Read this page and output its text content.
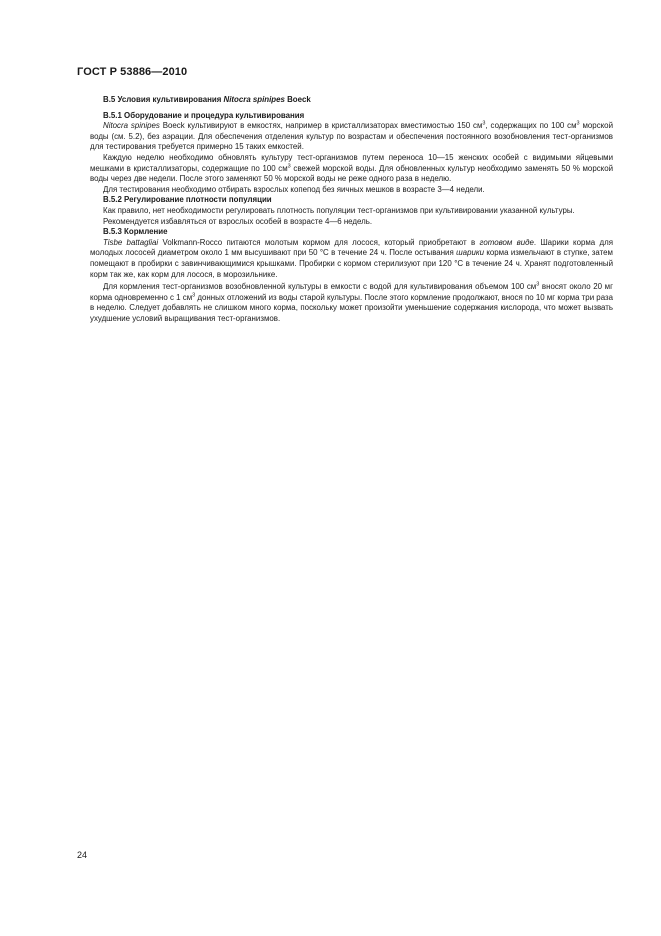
ГОСТ Р 53886—2010
В.5 Условия культивирования Nitocra spinipes Boeck
В.5.1 Оборудование и процедура культивирования
Nitocra spinipes Boeck культивируют в емкостях, например в кристаллизаторах вместимостью 150 $см^3$, содержащих по 100 $см^3$ морской воды (см. 5.2), без аэрации. Для обеспечения отделения культур по возрастам и обеспечения постоянного возобновления тест-организмов для тестирования требуется примерно 15 таких емкостей.
Каждую неделю необходимо обновлять культуру тест-организмов путем переноса 10—15 женских особей с видимыми яйцевыми мешками в кристаллизаторы, содержащие по 100 $см^3$ свежей морской воды. Для обновленных культур необходимо заменять 50 % морской воды через две недели. После этого заменяют 50 % морской воды не реже одного раза в неделю.
Для тестирования необходимо отбирать взрослых копепод без яичных мешков в возрасте 3—4 недели.
В.5.2 Регулирование плотности популяции
Как правило, нет необходимости регулировать плотность популяции тест-организмов при культивировании указанной культуры.
Рекомендуется избавляться от взрослых особей в возрасте 4—6 недель.
В.5.3 Кормление
Tisbe battagliai Volkmann-Rocco питаются молотым кормом для лосося, который приобретают в готовом виде. Шарики корма для молодых лососей диаметром около 1 мм высушивают при 50 °С в течение 24 ч. После остывания шарики корма измельчают в ступке, затем помещают в пробирки с завинчивающимися крышками. Пробирки с кормом стерилизуют при 120 °С в течение 24 ч. Хранят подготовленный корм так же, как корм для лосося, в морозильнике.
Для кормления тест-организмов возобновленной культуры в емкости с водой для культивирования объемом 100 $см^3$ вносят около 20 мг корма одновременно с 1 $см^3$ донных отложений из воды старой культуры. После этого кормление продолжают, внося по 10 мг корма три раза в неделю. Следует добавлять не слишком много корма, поскольку может произойти уменьшение содержания кислорода, что может вызвать ухудшение условий выращивания тест-организмов.
24
